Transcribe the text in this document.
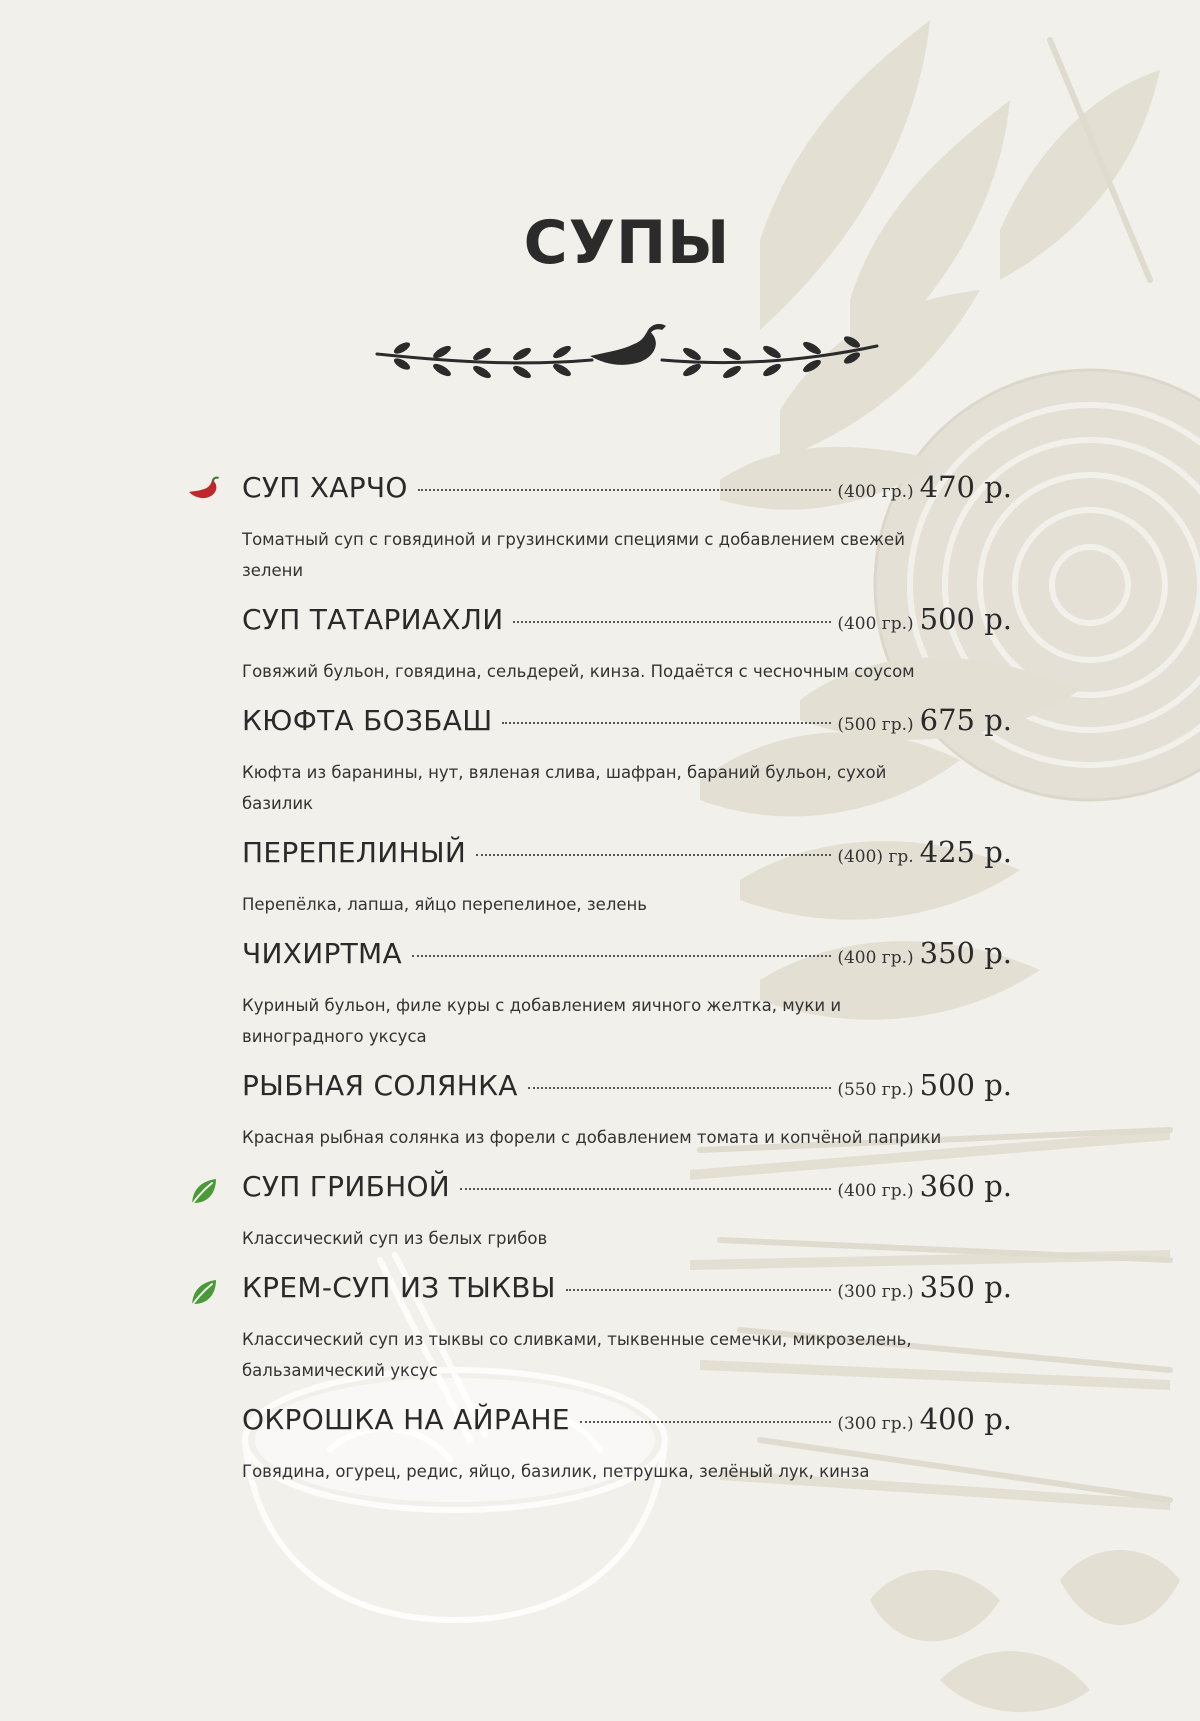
СУПЫ
СУП ХАРЧО	(400 гр.) 470 р.
Томатный суп с говядиной и грузинскими специями с добавлением свежей зелени
СУП ТАТАРИАХЛИ	(400 гр.) 500 р.
Говяжий бульон, говядина, сельдерей, кинза. Подаётся с чесночным соусом
КЮФТА БОЗБАШ	(500 гр.) 675 р.
Кюфта из баранины, нут, вяленая слива, шафран, бараний бульон, сухой базилик
ПЕРЕПЕЛИНЫЙ	(400) гр. 425 р.
Перепёлка, лапша, яйцо перепелиное, зелень
ЧИХИРТМА	(400 гр.) 350 р.
Куриный бульон, филе куры с добавлением яичного желтка, муки и виноградного уксуса
РЫБНАЯ СОЛЯНКА	(550 гр.) 500 р.
Красная рыбная солянка из форели с добавлением томата и копчёной паприки
СУП ГРИБНОЙ	(400 гр.) 360 р.
Классический суп из белых грибов
КРЕМ-СУП ИЗ ТЫКВЫ	(300 гр.) 350 р.
Классический суп из тыквы со сливками, тыквенные семечки, микрозелень, бальзамический уксус
ОКРОШКА НА АЙРАНЕ	(300 гр.) 400 р.
Говядина, огурец, редис, яйцо, базилик, петрушка, зелёный лук, кинза
